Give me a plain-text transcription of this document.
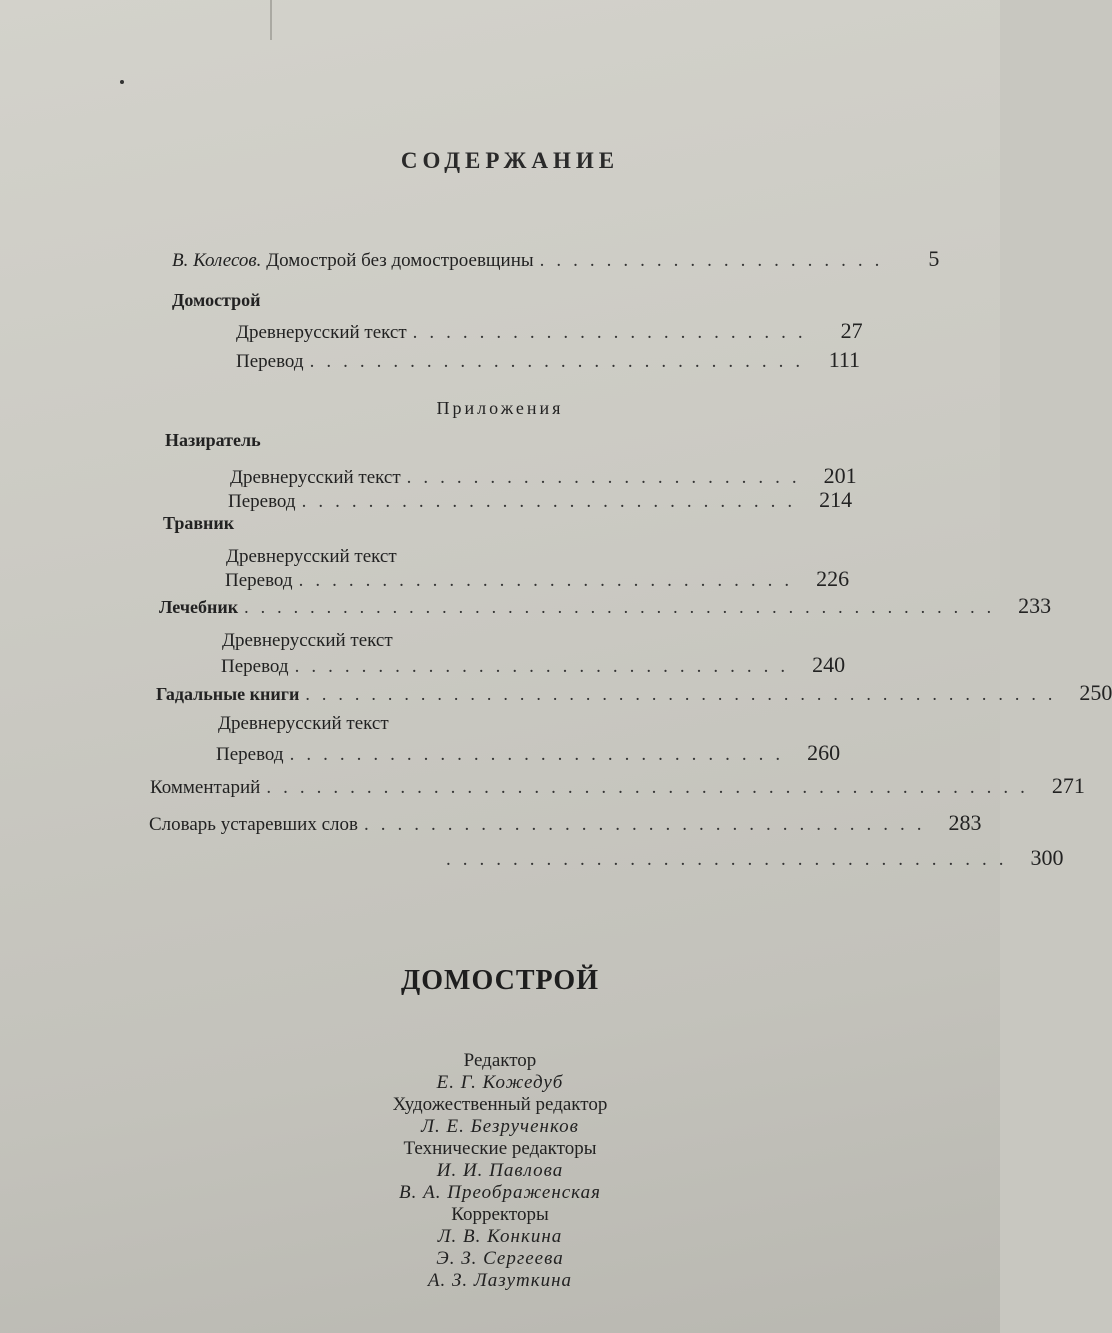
СОДЕРЖАНИЕ
В. Колесов. Домострой без домостроевщины .....................	5
Домострой
Древнерусский текст ........................	27
Перевод .............................. 111
Приложения
Назиратель
Древнерусский текст ........................ 201
Перевод .............................. 214
Травник
Древнерусский текст
Перевод .............................. 226
Лечебник .............................................. 233
Древнерусский текст
Перевод .............................. 240
Гадальные книги .............................................. 250
Древнерусский текст
Перевод .............................. 260
Комментарий .............................................. 271
Словарь устаревших слов .................................. 283
.................................. 300
ДОМОСТРОЙ
Редактор
Е. Г. Кожедуб
Художественный редактор
Л. Е. Безрученков
Технические редакторы
И. И. Павлова
В. А. Преображенская
Корректоры
Л. В. Конкина
Э. З. Сергеева
А. З. Лазуткина
